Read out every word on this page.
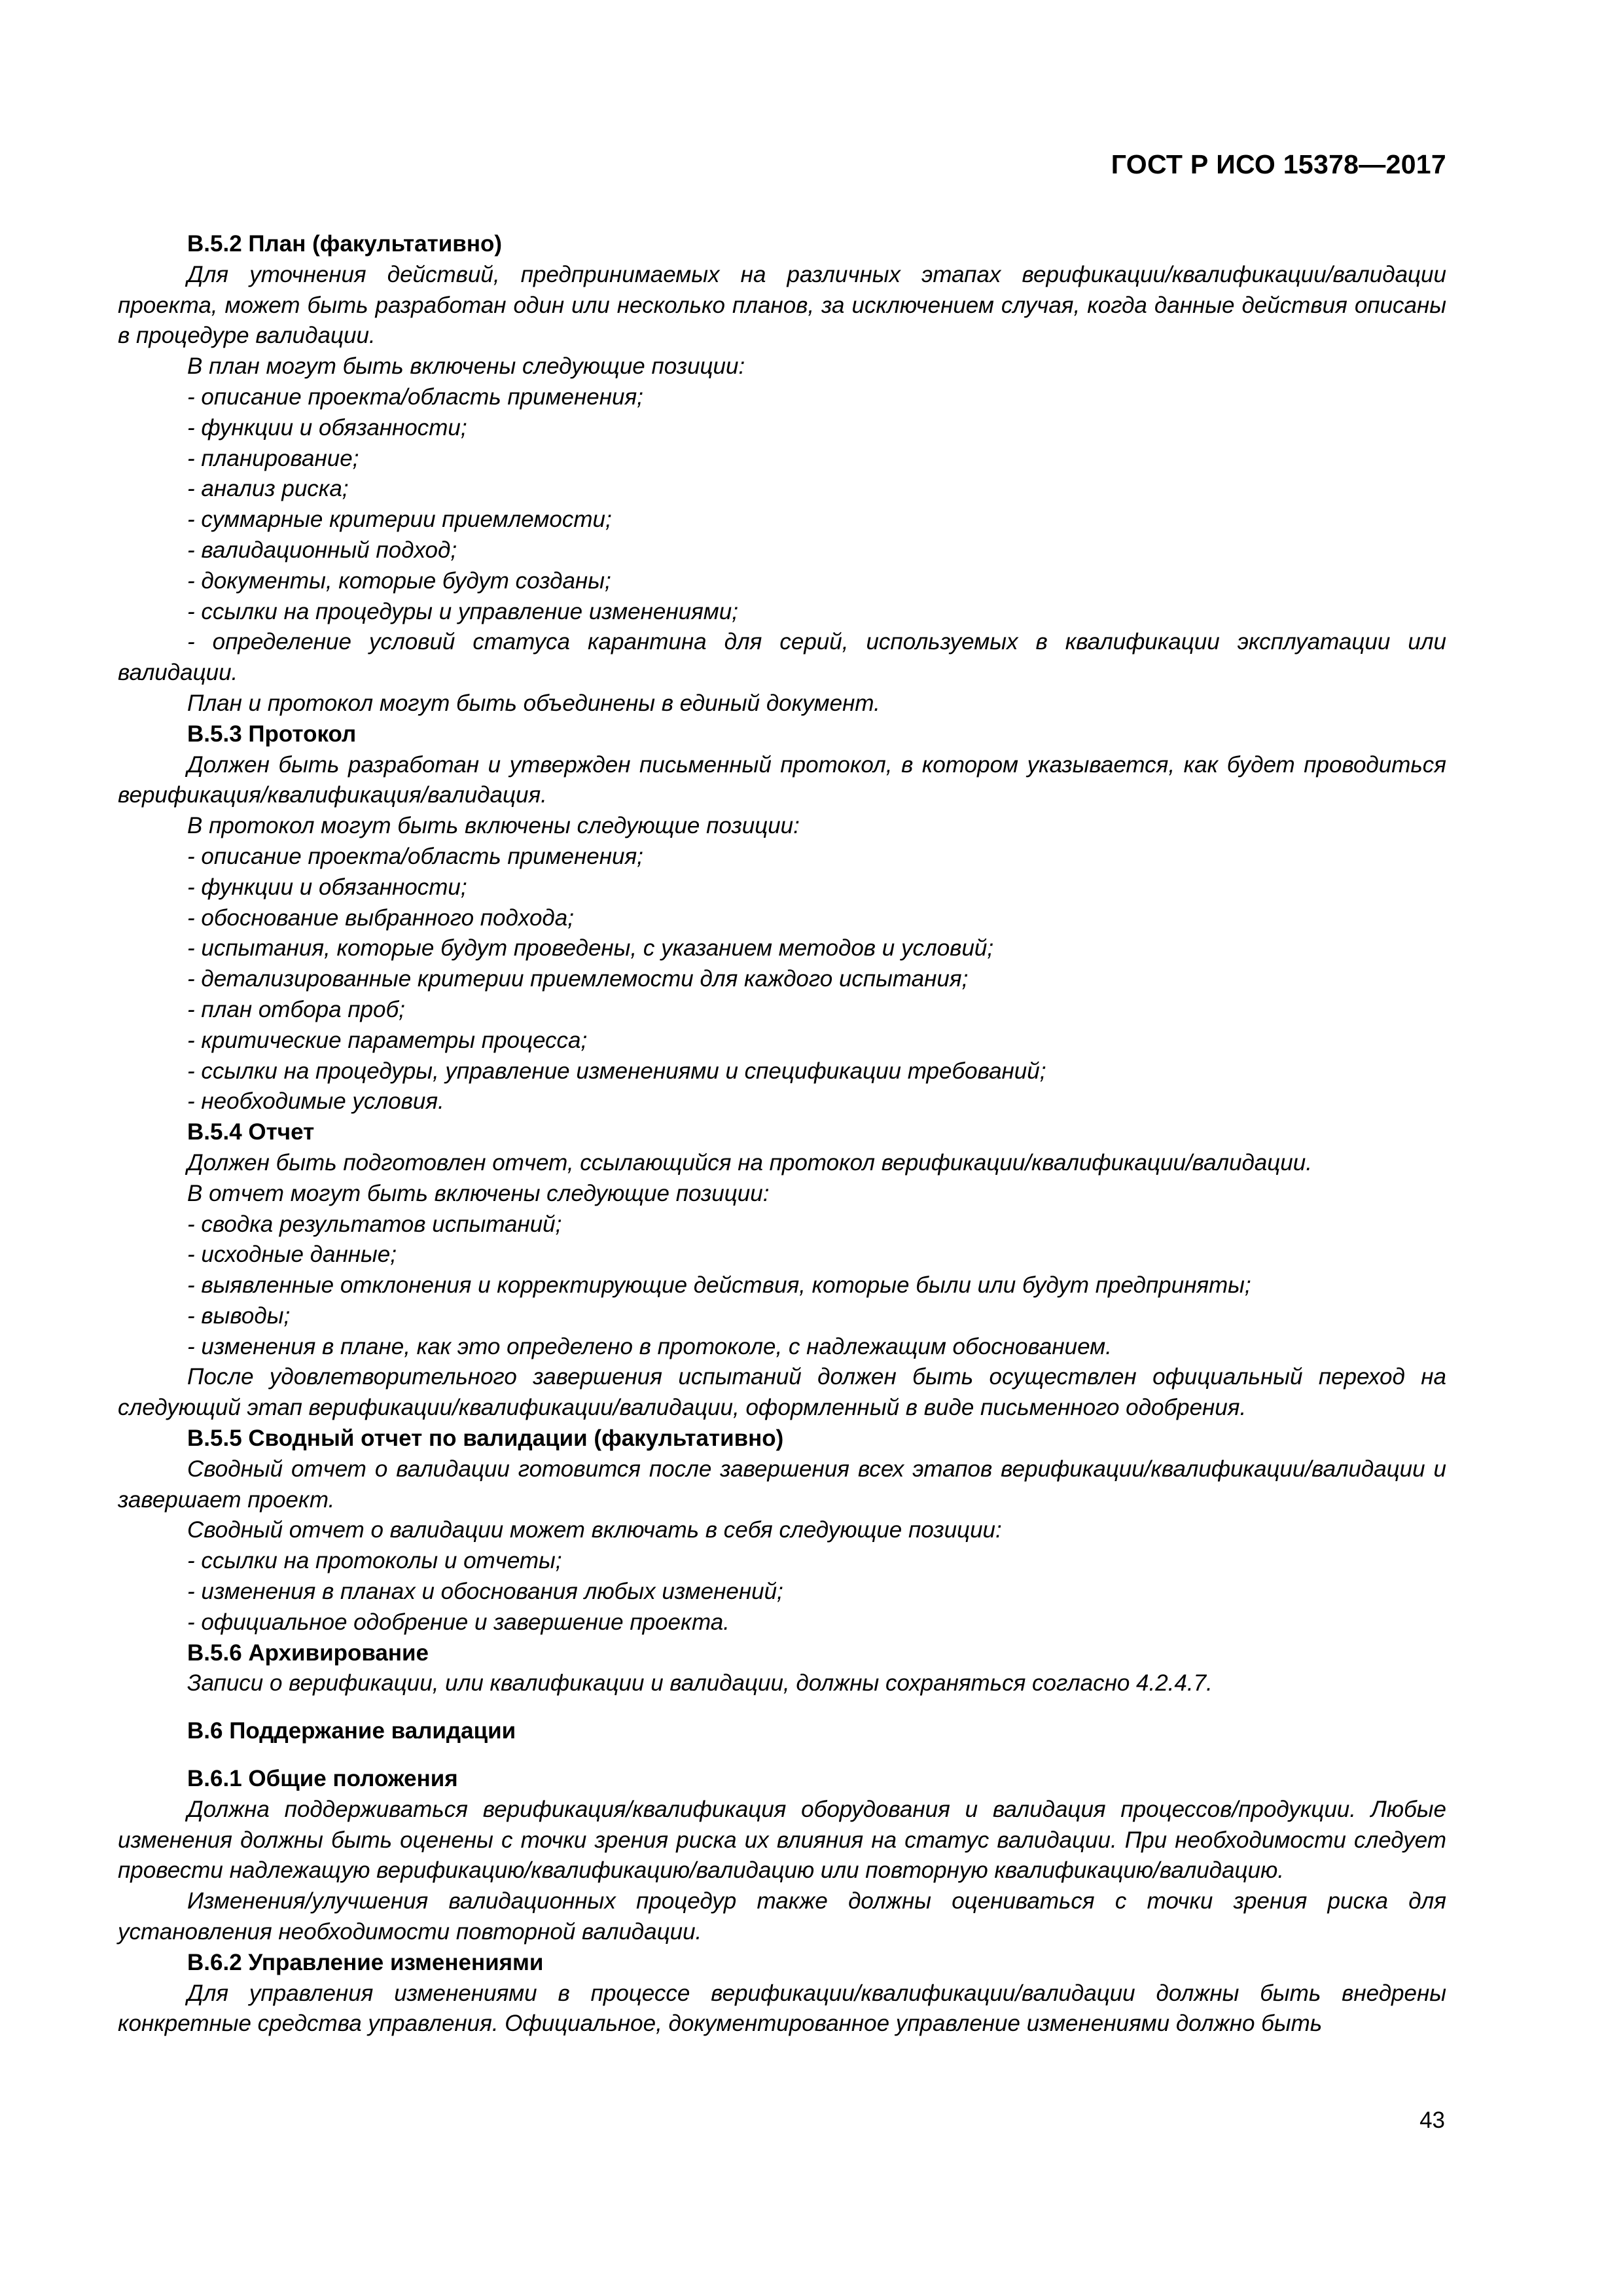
ГОСТ Р ИСО 15378—2017

В.5.2 План (факультативно)

Для уточнения действий, предпринимаемых на различных этапах верификации/квалификации/валидации проекта, может быть разработан один или несколько планов, за исключением случая, когда данные действия описаны в процедуре валидации.

В план могут быть включены следующие позиции:

- описание проекта/область применения;

- функции и обязанности;

- планирование;

- анализ риска;

- суммарные критерии приемлемости;

- валидационный подход;

- документы, которые будут созданы;

- ссылки на процедуры и управление изменениями;

- определение условий статуса карантина для серий, используемых в квалификации эксплуатации или валидации.

План и протокол могут быть объединены в единый документ.

В.5.3 Протокол

Должен быть разработан и утвержден письменный протокол, в котором указывается, как будет проводиться верификация/квалификация/валидация.

В протокол могут быть включены следующие позиции:

- описание проекта/область применения;

- функции и обязанности;

- обоснование выбранного подхода;

- испытания, которые будут проведены, с указанием методов и условий;

- детализированные критерии приемлемости для каждого испытания;

- план отбора проб;

- критические параметры процесса;

- ссылки на процедуры, управление изменениями и спецификации требований;

- необходимые условия.

В.5.4 Отчет

Должен быть подготовлен отчет, ссылающийся на протокол верификации/квалификации/валидации.

В отчет могут быть включены следующие позиции:

- сводка результатов испытаний;

- исходные данные;

- выявленные отклонения и корректирующие действия, которые были или будут предприняты;

- выводы;

- изменения в плане, как это определено в протоколе, с надлежащим обоснованием.

После удовлетворительного завершения испытаний должен быть осуществлен официальный переход на следующий этап верификации/квалификации/валидации, оформленный в виде письменного одобрения.

В.5.5 Сводный отчет по валидации (факультативно)

Сводный отчет о валидации готовится после завершения всех этапов верификации/квалификации/валидации и завершает проект.

Сводный отчет о валидации может включать в себя следующие позиции:

- ссылки на протоколы и отчеты;

- изменения в планах и обоснования любых изменений;

- официальное одобрение и завершение проекта.

В.5.6 Архивирование

Записи о верификации, или квалификации и валидации, должны сохраняться согласно 4.2.4.7.

В.6 Поддержание валидации

В.6.1 Общие положения

Должна поддерживаться верификация/квалификация оборудования и валидация процессов/продукции. Любые изменения должны быть оценены с точки зрения риска их влияния на статус валидации. При необходимости следует провести надлежащую верификацию/квалификацию/валидацию или повторную квалификацию/валидацию.

Изменения/улучшения валидационных процедур также должны оцениваться с точки зрения риска для установления необходимости повторной валидации.

В.6.2 Управление изменениями

Для управления изменениями в процессе верификации/квалификации/валидации должны быть внедрены конкретные средства управления. Официальное, документированное управление изменениями должно быть

43
